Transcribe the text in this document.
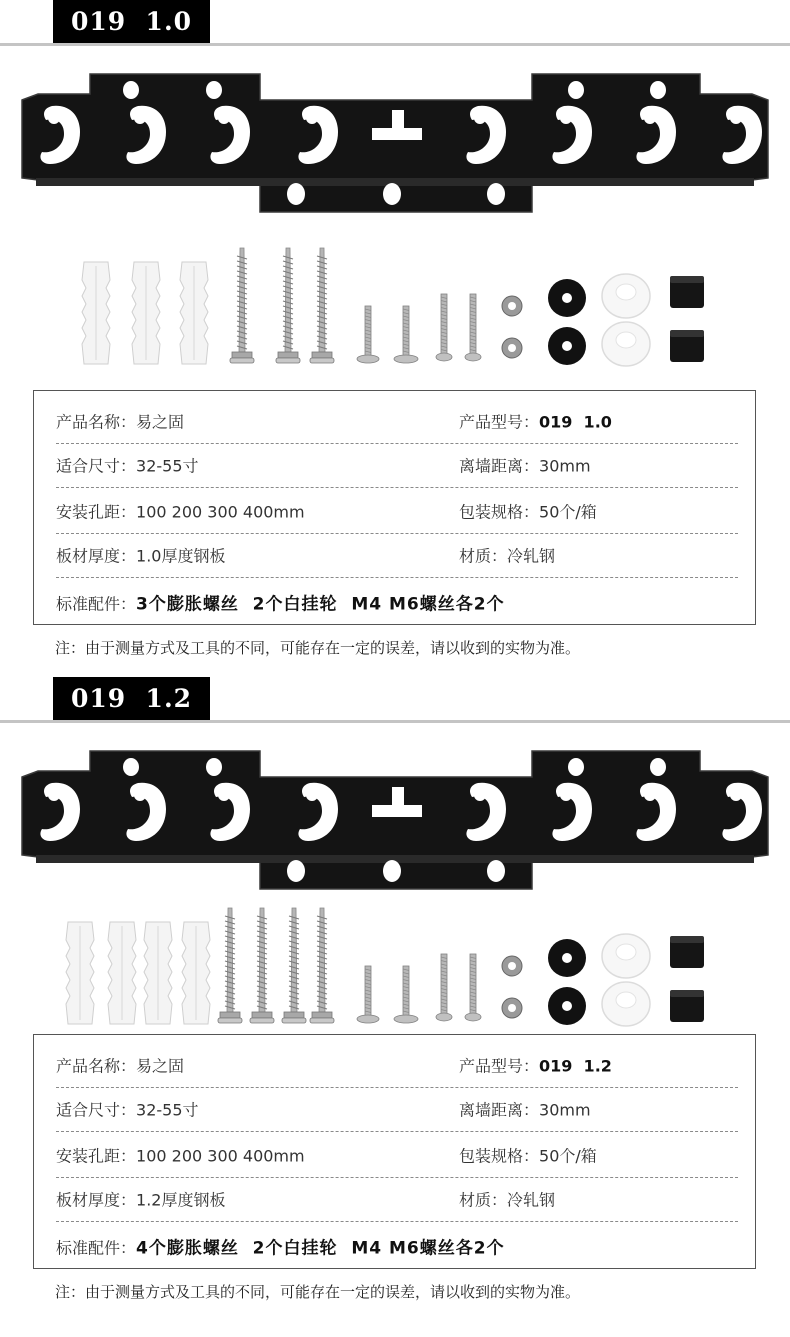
019  1.0
产品名称：易之固	产品型号：019  1.0
适合尺寸：32-55寸	离墙距离：30mm
安装孔距：100 200 300 400mm	包装规格：50个/箱
板材厚度：1.0厚度钢板	材质：冷轧钢
标准配件：3个膨胀螺丝  2个白挂轮  M4 M6螺丝各2个
注：由于测量方式及工具的不同，可能存在一定的误差，请以收到的实物为准。
019  1.2
产品名称：易之固	产品型号：019  1.2
适合尺寸：32-55寸	离墙距离：30mm
安装孔距：100 200 300 400mm	包装规格：50个/箱
板材厚度：1.2厚度钢板	材质：冷轧钢
标准配件：4个膨胀螺丝  2个白挂轮  M4 M6螺丝各2个
注：由于测量方式及工具的不同，可能存在一定的误差，请以收到的实物为准。
